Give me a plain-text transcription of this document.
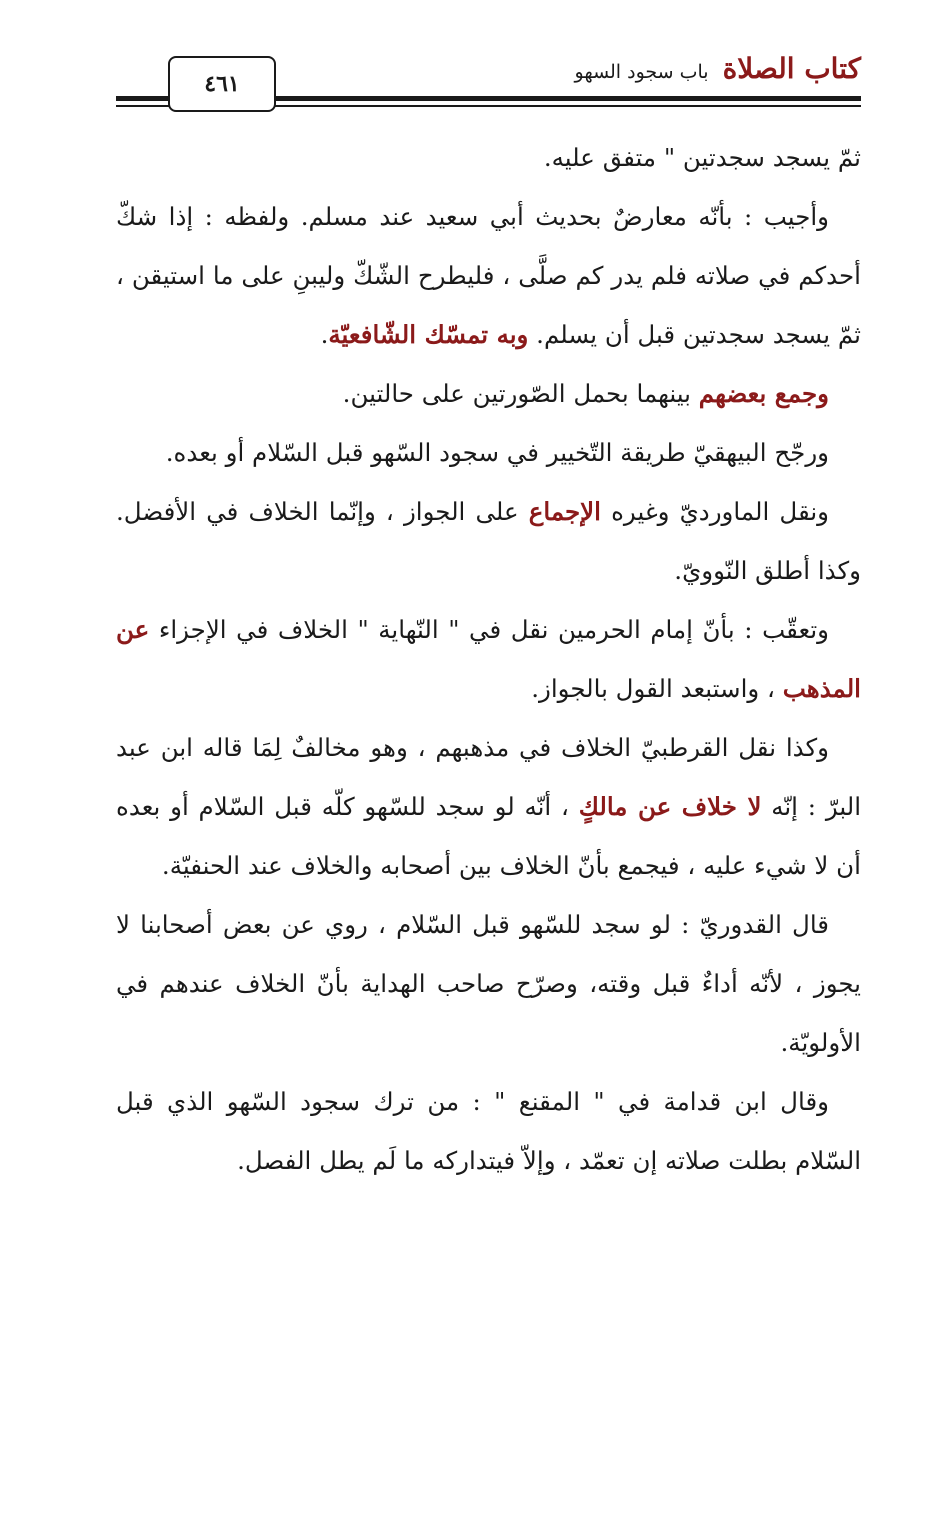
٤٦١	كتاب الصلاة
باب سجود السهو

ثمّ يسجد سجدتين " متفق عليه.

وأجيب : بأنّه معارضٌ بحديث أبي سعيد عند مسلم. ولفظه : إذا شكّ أحدكم في صلاته فلم يدر كم صلَّى ، فليطرح الشّكّ وليبنِ على ما استيقن ، ثمّ يسجد سجدتين قبل أن يسلم. وبه تمسّك الشّافعيّة.

وجمع بعضهم بينهما بحمل الصّورتين على حالتين.

ورجّح البيهقيّ طريقة التّخيير في سجود السّهو قبل السّلام أو بعده.

ونقل الماورديّ وغيره الإجماع على الجواز ، وإنّما الخلاف في الأفضل. وكذا أطلق النّوويّ.

وتعقّب : بأنّ إمام الحرمين نقل في " النّهاية " الخلاف في الإجزاء عن المذهب ، واستبعد القول بالجواز.

وكذا نقل القرطبيّ الخلاف في مذهبهم ، وهو مخالفٌ لِمَا قاله ابن عبد البرّ : إنّه لا خلاف عن مالكٍ ، أنّه لو سجد للسّهو كلّه قبل السّلام أو بعده أن لا شيء عليه ، فيجمع بأنّ الخلاف بين أصحابه والخلاف عند الحنفيّة.

قال القدوريّ : لو سجد للسّهو قبل السّلام ، روي عن بعض أصحابنا لا يجوز ، لأنّه أداءٌ قبل وقته، وصرّح صاحب الهداية بأنّ الخلاف عندهم في الأولويّة.

وقال ابن قدامة في " المقنع " : من ترك سجود السّهو الذي قبل السّلام بطلت صلاته إن تعمّد ، وإلاّ فيتداركه ما لَم يطل الفصل.
